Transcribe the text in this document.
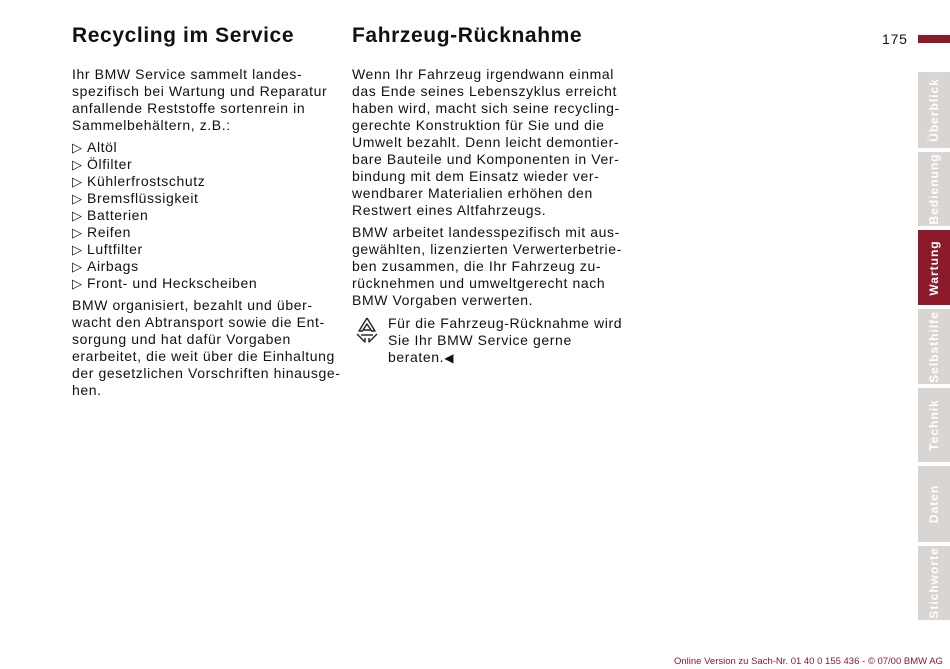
Recycling im Service	Fahrzeug-Rücknahme	175

Ihr BMW Service sammelt landes-
spezifisch bei Wartung und Reparatur
anfallende Reststoffe sortenrein in
Sammelbehältern, z.B.:

▷ Altöl
▷ Ölfilter
▷ Kühlerfrostschutz
▷ Bremsflüssigkeit
▷ Batterien
▷ Reifen
▷ Luftfilter
▷ Airbags
▷ Front- und Heckscheiben

BMW organisiert, bezahlt und über-
wacht den Abtransport sowie die Ent-
sorgung und hat dafür Vorgaben
erarbeitet, die weit über die Einhaltung
der gesetzlichen Vorschriften hinausge-
hen.

Wenn Ihr Fahrzeug irgendwann einmal
das Ende seines Lebenszyklus erreicht
haben wird, macht sich seine recycling-
gerechte Konstruktion für Sie und die
Umwelt bezahlt. Denn leicht demontier-
bare Bauteile und Komponenten in Ver-
bindung mit dem Einsatz wieder ver-
wendbarer Materialien erhöhen den
Restwert eines Altfahrzeugs.

BMW arbeitet landesspezifisch mit aus-
gewählten, lizenzierten Verwerterbetrie-
ben zusammen, die Ihr Fahrzeug zu-
rücknehmen und umweltgerecht nach
BMW Vorgaben verwerten.

Für die Fahrzeug-Rücknahme wird
Sie Ihr BMW Service gerne
beraten.◀

Überblick
Bedienung
Wartung
Selbsthilfe
Technik
Daten
Stichworte
Online Version zu Sach-Nr. 01 40 0 155 436 - © 07/00 BMW AG
